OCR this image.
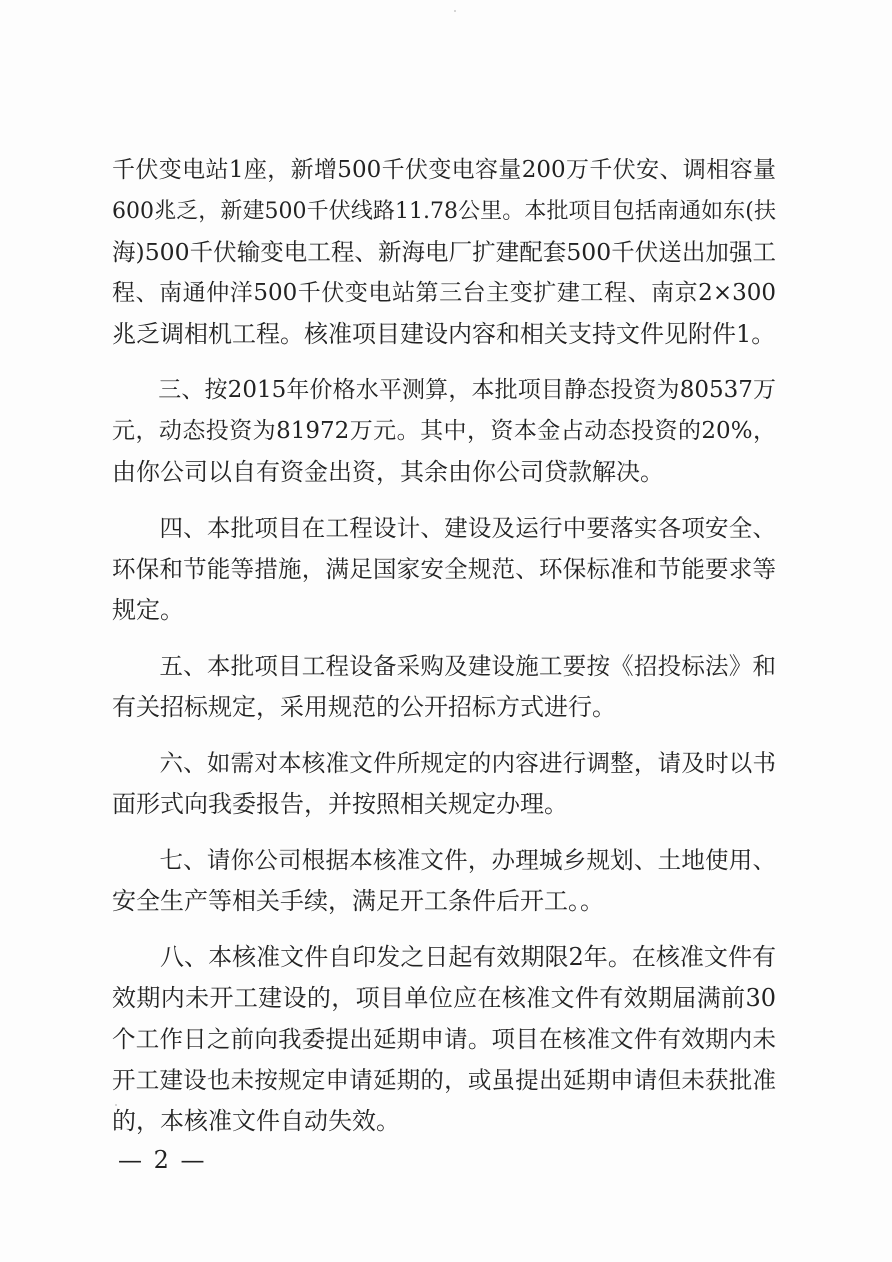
千伏变电站1座，新增500千伏变电容量200万千伏安、调相容量
600兆乏，新建500千伏线路11.78公里。本批项目包括南通如东(扶
海)500千伏输变电工程、新海电厂扩建配套500千伏送出加强工
程、南通仲洋500千伏变电站第三台主变扩建工程、南京2×300
兆乏调相机工程。核准项目建设内容和相关支持文件见附件1。
　　三、按2015年价格水平测算，本批项目静态投资为80537万
元，动态投资为81972万元。其中，资本金占动态投资的20%，
由你公司以自有资金出资，其余由你公司贷款解决。
　　四、本批项目在工程设计、建设及运行中要落实各项安全、
环保和节能等措施，满足国家安全规范、环保标准和节能要求等
规定。
　　五、本批项目工程设备采购及建设施工要按《招投标法》和
有关招标规定，采用规范的公开招标方式进行。
　　六、如需对本核准文件所规定的内容进行调整，请及时以书
面形式向我委报告，并按照相关规定办理。
　　七、请你公司根据本核准文件，办理城乡规划、土地使用、
安全生产等相关手续，满足开工条件后开工。。
　　八、本核准文件自印发之日起有效期限2年。在核准文件有
效期内未开工建设的，项目单位应在核准文件有效期届满前30
个工作日之前向我委提出延期申请。项目在核准文件有效期内未
开工建设也未按规定申请延期的，或虽提出延期申请但未获批准
的，本核准文件自动失效。
— 2 —
